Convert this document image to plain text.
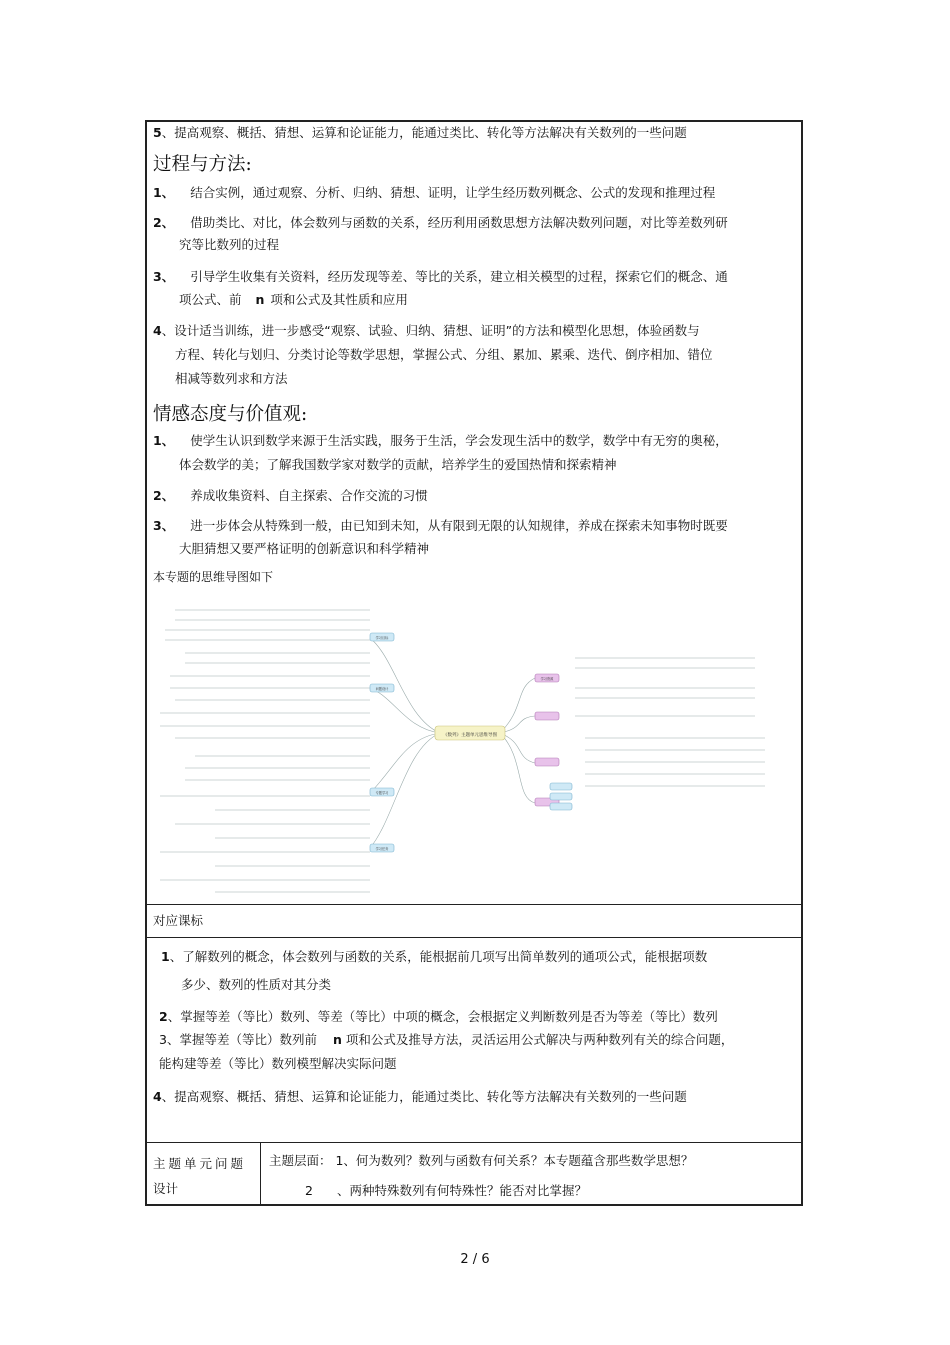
5、提高观察、概括、猜想、运算和论证能力，能通过类比、转化等方法解决有关数列的一些问题
过程与方法:
1、 结合实例，通过观察、分析、归纳、猜想、证明，让学生经历数列概念、公式的发现和推理过程
2、 借助类比、对比，体会数列与函数的关系，经历利用函数思想方法解决数列问题，对比等差数列研
究等比数列的过程
3、 引导学生收集有关资料，经历发现等差、等比的关系，建立相关模型的过程，探索它们的概念、通
项公式、前 n 项和公式及其性质和应用
4、设计适当训练，进一步感受“观察、试验、归纳、猜想、证明”的方法和模型化思想，体验函数与
方程、转化与划归、分类讨论等数学思想，掌握公式、分组、累加、累乘、迭代、倒序相加、错位
相减等数列求和方法
情感态度与价值观:
1、 使学生认识到数学来源于生活实践，服务于生活，学会发现生活中的数学，数学中有无穷的奥秘，
体会数学的美；了解我国数学家对数学的贡献，培养学生的爱国热情和探索精神
2、 养成收集资料、自主探索、合作交流的习惯
3、 进一步体会从特殊到一般，由已知到未知，从有限到无限的认知规律，养成在探索未知事物时既要
大胆猜想又要严格证明的创新意识和科学精神
本专题的思维导图如下
《数列》主题单元思维导图
学习目标
问题设计
专题学习
学习任务
学习资源
对应课标
1、了解数列的概念，体会数列与函数的关系，能根据前几项写出简单数列的通项公式，能根据项数
多少、数列的性质对其分类
2、掌握等差（等比）数列、等差（等比）中项的概念，会根据定义判断数列是否为等差（等比）数列
3、掌握等差（等比）数列前 n 项和公式及推导方法，灵活运用公式解决与两种数列有关的综合问题，
能构建等差（等比）数列模型解决实际问题
4、提高观察、概括、猜想、运算和论证能力，能通过类比、转化等方法解决有关数列的一些问题
主题单元问题
设计
主题层面： 1、何为数列？数列与函数有何关系？本专题蕴含那些数学思想？
2 、两种特殊数列有何特殊性？能否对比掌握？
2 / 6
